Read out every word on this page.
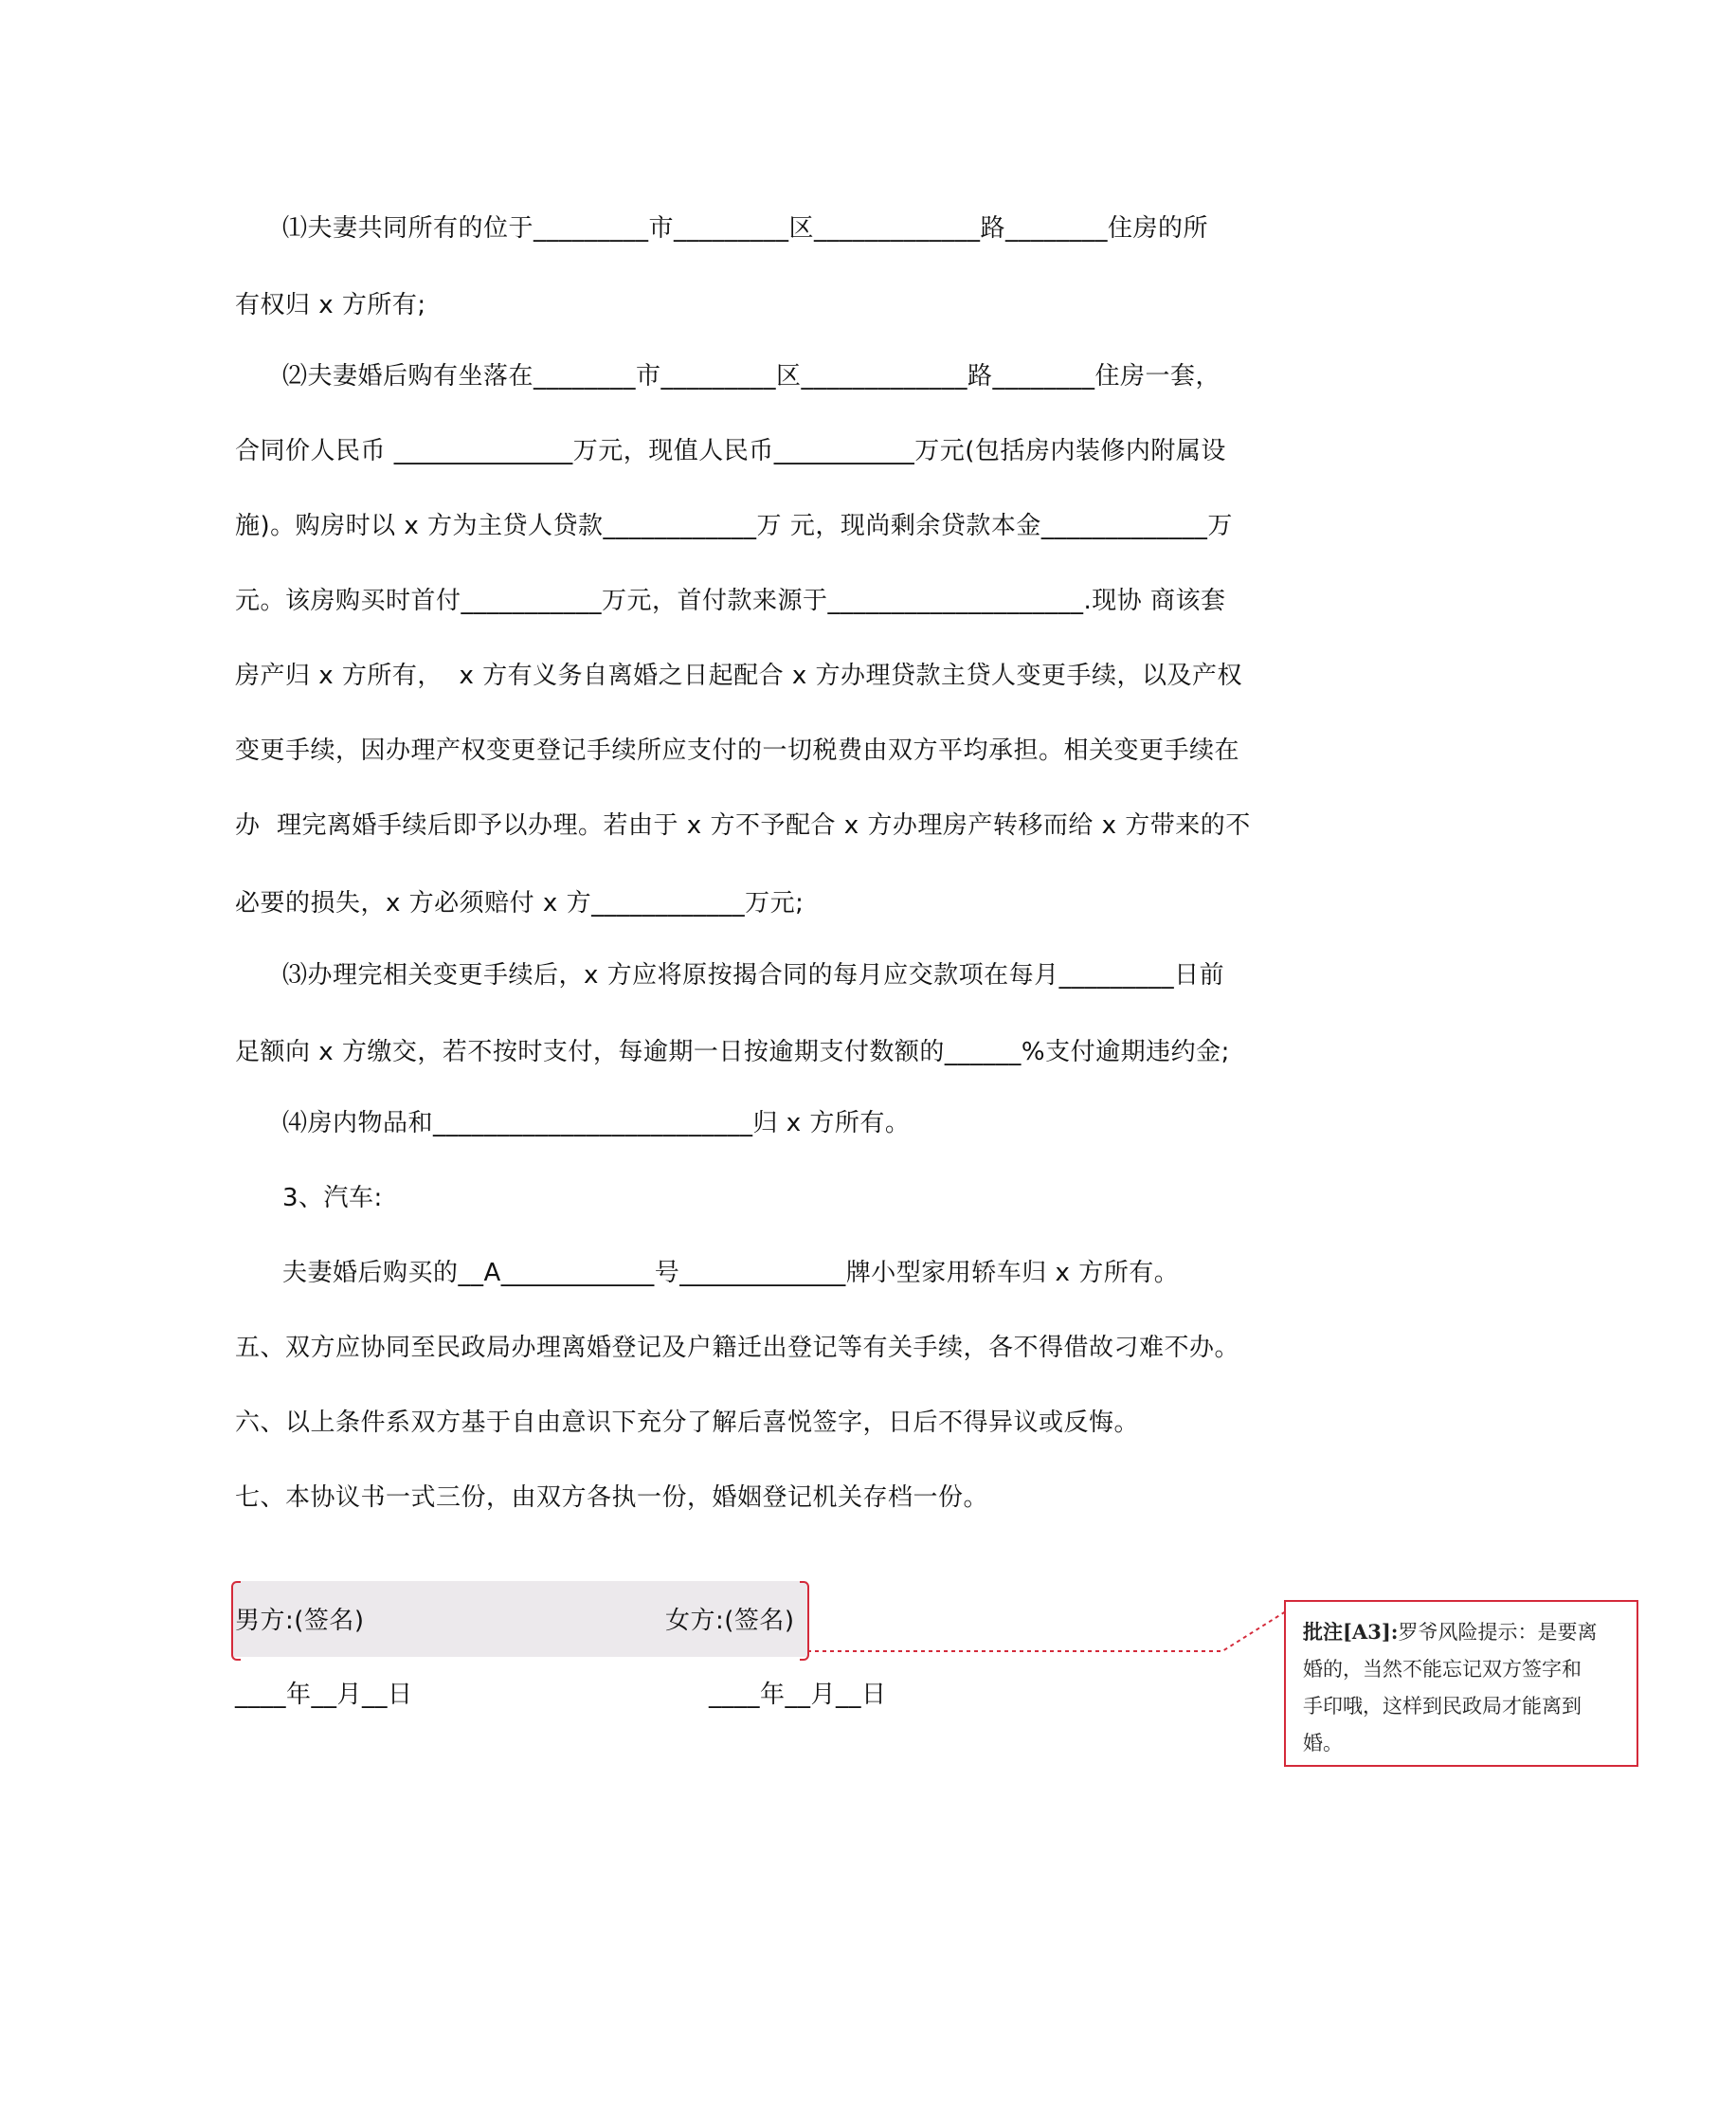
⑴夫妻共同所有的位于_________市_________区_____________路________住房的所
有权归 x 方所有;
⑵夫妻婚后购有坐落在________市_________区_____________路________住房一套，
合同价人民币 ______________万元，现值人民币___________万元(包括房内装修内附属设
施)。购房时以 x 方为主贷人贷款____________万 元，现尚剩余贷款本金_____________万
元。该房购买时首付___________万元，首付款来源于____________________.现协 商该套
房产归 x 方所有，  x 方有义务自离婚之日起配合 x 方办理贷款主贷人变更手续，以及产权
变更手续，因办理产权变更登记手续所应支付的一切税费由双方平均承担。相关变更手续在
办  理完离婚手续后即予以办理。若由于 x 方不予配合 x 方办理房产转移而给 x 方带来的不
必要的损失，x 方必须赔付 x 方____________万元;
⑶办理完相关变更手续后，x 方应将原按揭合同的每月应交款项在每月_________日前
足额向 x 方缴交，若不按时支付，每逾期一日按逾期支付数额的______%支付逾期违约金;
⑷房内物品和_________________________归 x 方所有。
3、汽车:
夫妻婚后购买的__A____________号_____________牌小型家用轿车归 x 方所有。
五、双方应协同至民政局办理离婚登记及户籍迁出登记等有关手续，各不得借故刁难不办。
六、以上条件系双方基于自由意识下充分了解后喜悦签字，日后不得异议或反悔。
七、本协议书一式三份，由双方各执一份，婚姻登记机关存档一份。
男方:(签名)	女方:(签名)
____年__月__日	____年__月__日
批注[A3]:罗爷风险提示：是要离
婚的，当然不能忘记双方签字和
手印哦，这样到民政局才能离到
婚。
